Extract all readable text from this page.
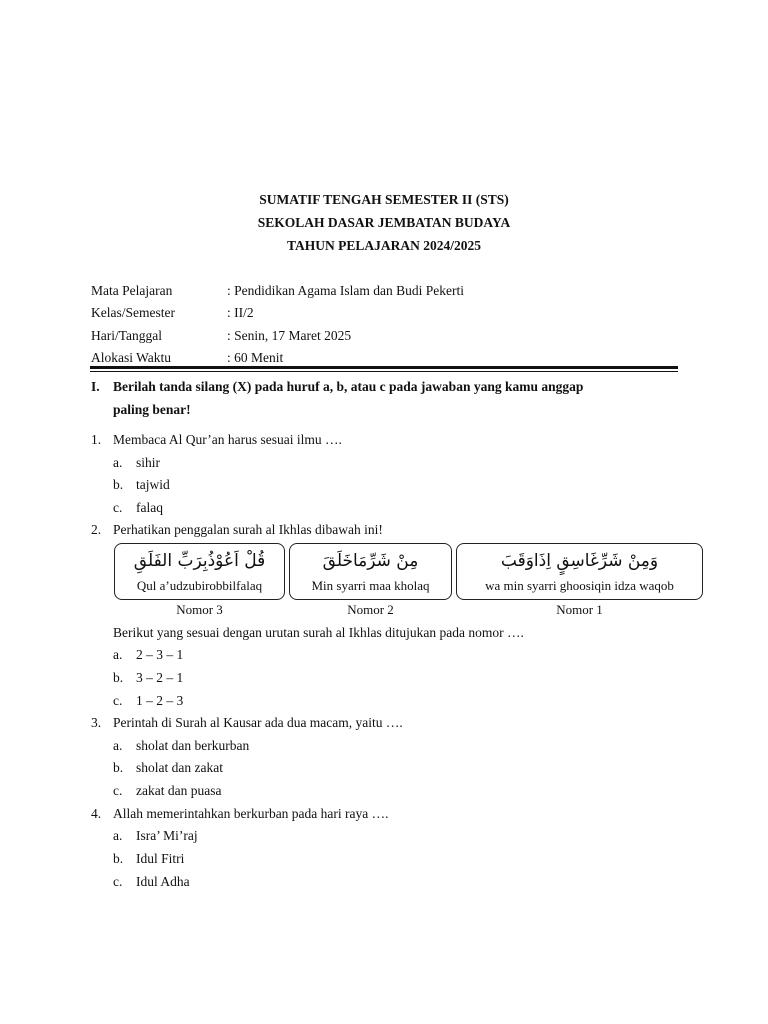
SUMATIF TENGAH SEMESTER II (STS)
SEKOLAH DASAR JEMBATAN BUDAYA
TAHUN PELAJARAN 2024/2025
Mata Pelajaran	: Pendidikan Agama Islam dan Budi Pekerti
Kelas/Semester	: II/2
Hari/Tanggal	: Senin, 17 Maret 2025
Alokasi Waktu	: 60 Menit
I. Berilah tanda silang (X) pada huruf a, b, atau c pada jawaban yang kamu anggap
paling benar!
1. Membaca Al Qur’an harus sesuai ilmu ….
a. sihir
b. tajwid
c. falaq
2. Perhatikan penggalan surah al Ikhlas dibawah ini!
قُلْ اَعُوْذُبِرَبِّ الفَلَقِ
Qul a’udzubirobbilfalaq
مِنْ شَرِّمَاخَلَقَ
Min syarri maa kholaq
وَمِنْ شَرِّغَاسِقٍ اِذَاوَقَبَ
wa min syarri ghoosiqin idza waqob
Nomor 3	Nomor 2	Nomor 1
Berikut yang sesuai dengan urutan surah al Ikhlas ditujukan pada nomor ….
a. 2 – 3 – 1
b. 3 – 2 – 1
c. 1 – 2 – 3
3. Perintah di Surah al Kausar ada dua macam, yaitu ….
a. sholat dan berkurban
b. sholat dan zakat
c. zakat dan puasa
4. Allah memerintahkan berkurban pada hari raya ….
a. Isra’ Mi’raj
b. Idul Fitri
c. Idul Adha
